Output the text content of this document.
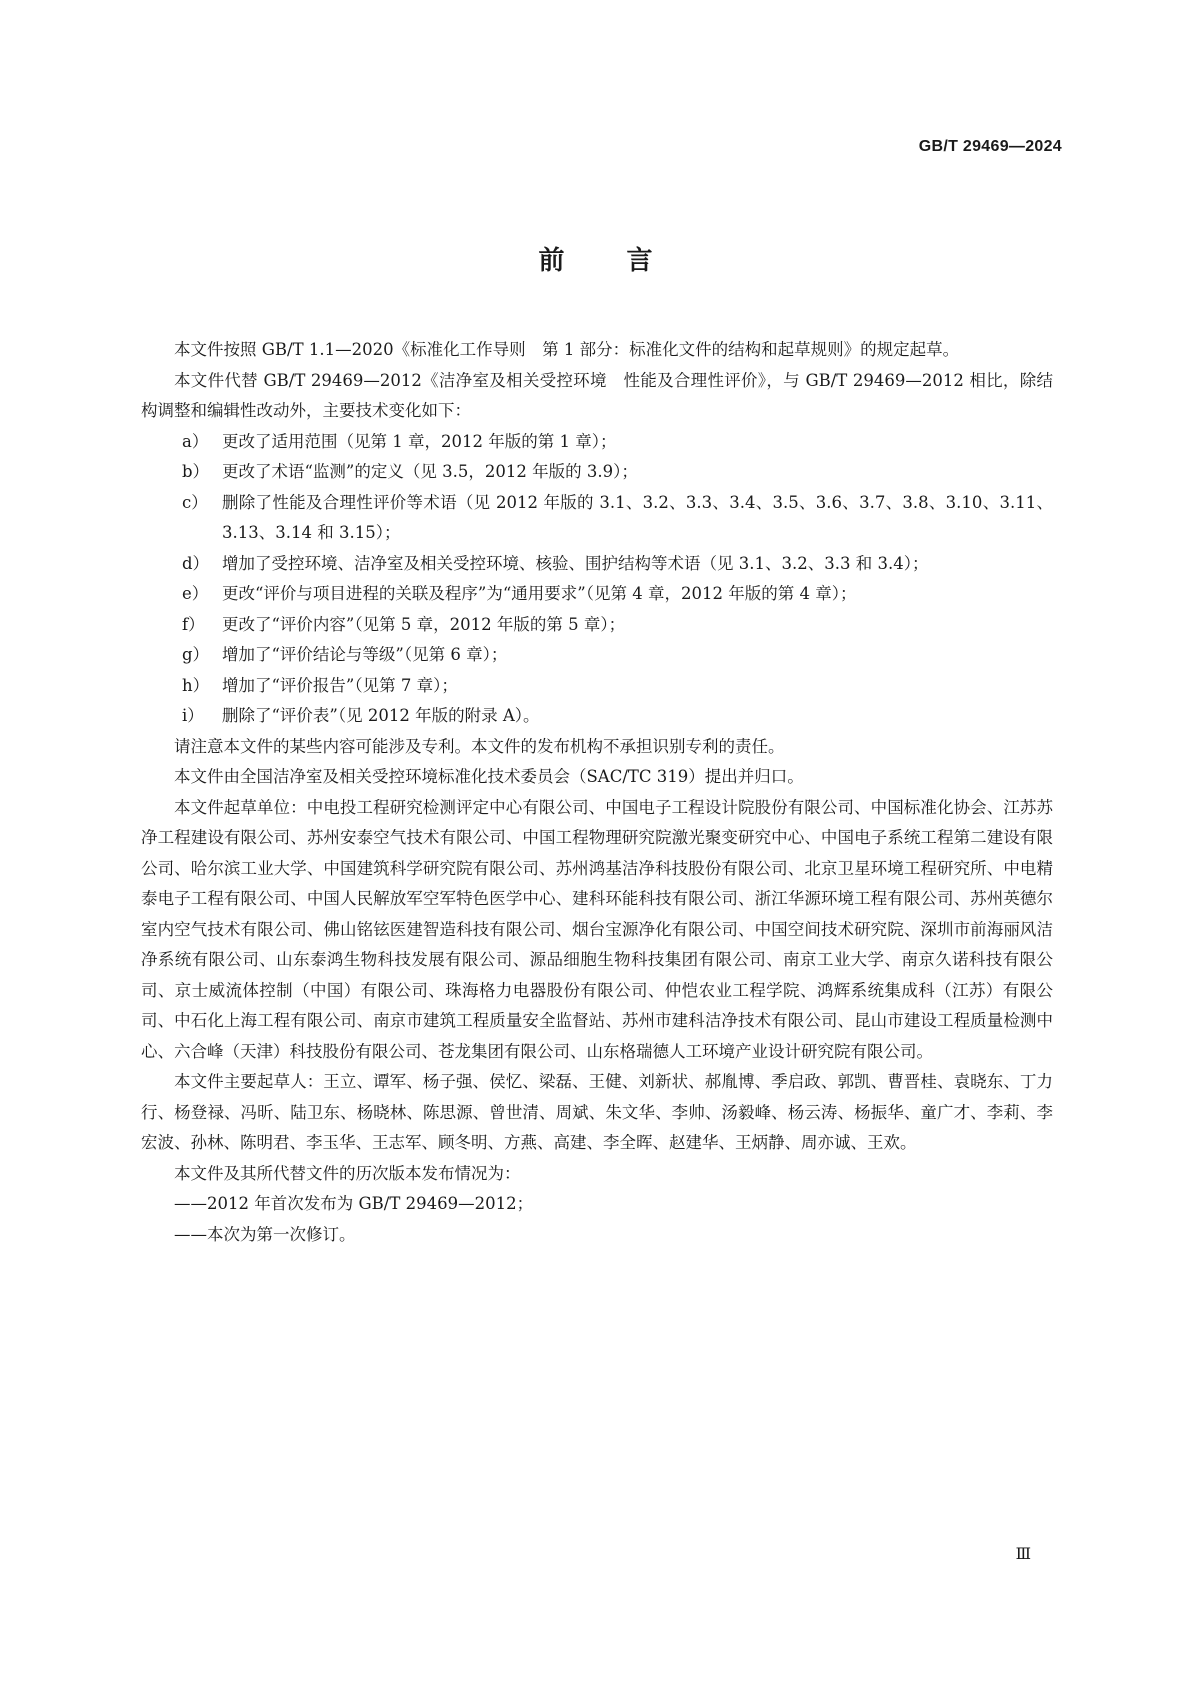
GB/T 29469—2024
前言

本文件按照 GB/T 1.1—2020《标准化工作导则　第 1 部分：标准化文件的结构和起草规则》的规定起草。

本文件代替 GB/T 29469—2012《洁净室及相关受控环境　性能及合理性评价》，与 GB/T 29469—2012 相比，除结构调整和编辑性改动外，主要技术变化如下：

a） 更改了适用范围（见第 1 章，2012 年版的第 1 章）；

b） 更改了术语“监测”的定义（见 3.5，2012 年版的 3.9）；

c） 删除了性能及合理性评价等术语（见 2012 年版的 3.1、3.2、3.3、3.4、3.5、3.6、3.7、3.8、3.10、3.11、3.13、3.14 和 3.15）；

d） 增加了受控环境、洁净室及相关受控环境、核验、围护结构等术语（见 3.1、3.2、3.3 和 3.4）；

e） 更改“评价与项目进程的关联及程序”为“通用要求”（见第 4 章，2012 年版的第 4 章）；

f） 更改了“评价内容”（见第 5 章，2012 年版的第 5 章）；

g） 增加了“评价结论与等级”（见第 6 章）；

h） 增加了“评价报告”（见第 7 章）；

i） 删除了“评价表”（见 2012 年版的附录 A）。

请注意本文件的某些内容可能涉及专利。本文件的发布机构不承担识别专利的责任。

本文件由全国洁净室及相关受控环境标准化技术委员会（SAC/TC 319）提出并归口。

本文件起草单位：中电投工程研究检测评定中心有限公司、中国电子工程设计院股份有限公司、中国标准化协会、江苏苏净工程建设有限公司、苏州安泰空气技术有限公司、中国工程物理研究院激光聚变研究中心、中国电子系统工程第二建设有限公司、哈尔滨工业大学、中国建筑科学研究院有限公司、苏州鸿基洁净科技股份有限公司、北京卫星环境工程研究所、中电精泰电子工程有限公司、中国人民解放军空军特色医学中心、建科环能科技有限公司、浙江华源环境工程有限公司、苏州英德尔室内空气技术有限公司、佛山铭铉医建智造科技有限公司、烟台宝源净化有限公司、中国空间技术研究院、深圳市前海丽风洁净系统有限公司、山东泰鸿生物科技发展有限公司、源品细胞生物科技集团有限公司、南京工业大学、南京久诺科技有限公司、京士威流体控制（中国）有限公司、珠海格力电器股份有限公司、仲恺农业工程学院、鸿辉系统集成科（江苏）有限公司、中石化上海工程有限公司、南京市建筑工程质量安全监督站、苏州市建科洁净技术有限公司、昆山市建设工程质量检测中心、六合峰（天津）科技股份有限公司、苍龙集团有限公司、山东格瑞德人工环境产业设计研究院有限公司。

本文件主要起草人：王立、谭军、杨子强、侯忆、梁磊、王健、刘新状、郝胤博、季启政、郭凯、曹晋桂、袁晓东、丁力行、杨登禄、冯昕、陆卫东、杨晓林、陈思源、曾世清、周斌、朱文华、李帅、汤毅峰、杨云涛、杨振华、童广才、李莉、李宏波、孙林、陈明君、李玉华、王志军、顾冬明、方燕、高建、李全晖、赵建华、王炳静、周亦诚、王欢。

本文件及其所代替文件的历次版本发布情况为：

——2012 年首次发布为 GB/T 29469—2012；

——本次为第一次修订。

Ⅲ
